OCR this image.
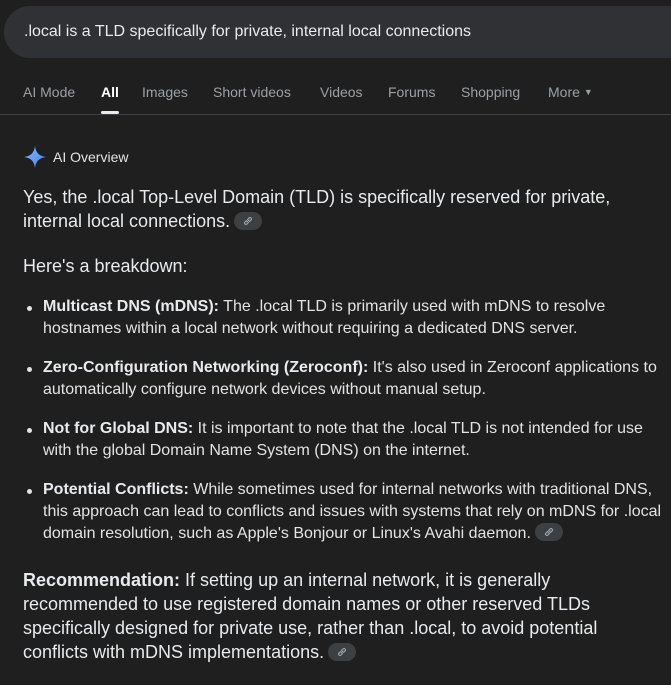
.local is a TLD specifically for private, internal local connections
AI Mode All Images Short videos Videos Forums Shopping More ▼
AI Overview
Yes, the .local Top-Level Domain (TLD) is specifically reserved for private, internal local connections.
Here's a breakdown:
Multicast DNS (mDNS): The .local TLD is primarily used with mDNS to resolve hostnames within a local network without requiring a dedicated DNS server.
Zero-Configuration Networking (Zeroconf): It's also used in Zeroconf applications to automatically configure network devices without manual setup.
Not for Global DNS: It is important to note that the .local TLD is not intended for use with the global Domain Name System (DNS) on the internet.
Potential Conflicts: While sometimes used for internal networks with traditional DNS, this approach can lead to conflicts and issues with systems that rely on mDNS for .local domain resolution, such as Apple's Bonjour or Linux's Avahi daemon.
Recommendation: If setting up an internal network, it is generally recommended to use registered domain names or other reserved TLDs specifically designed for private use, rather than .local, to avoid potential conflicts with mDNS implementations.
